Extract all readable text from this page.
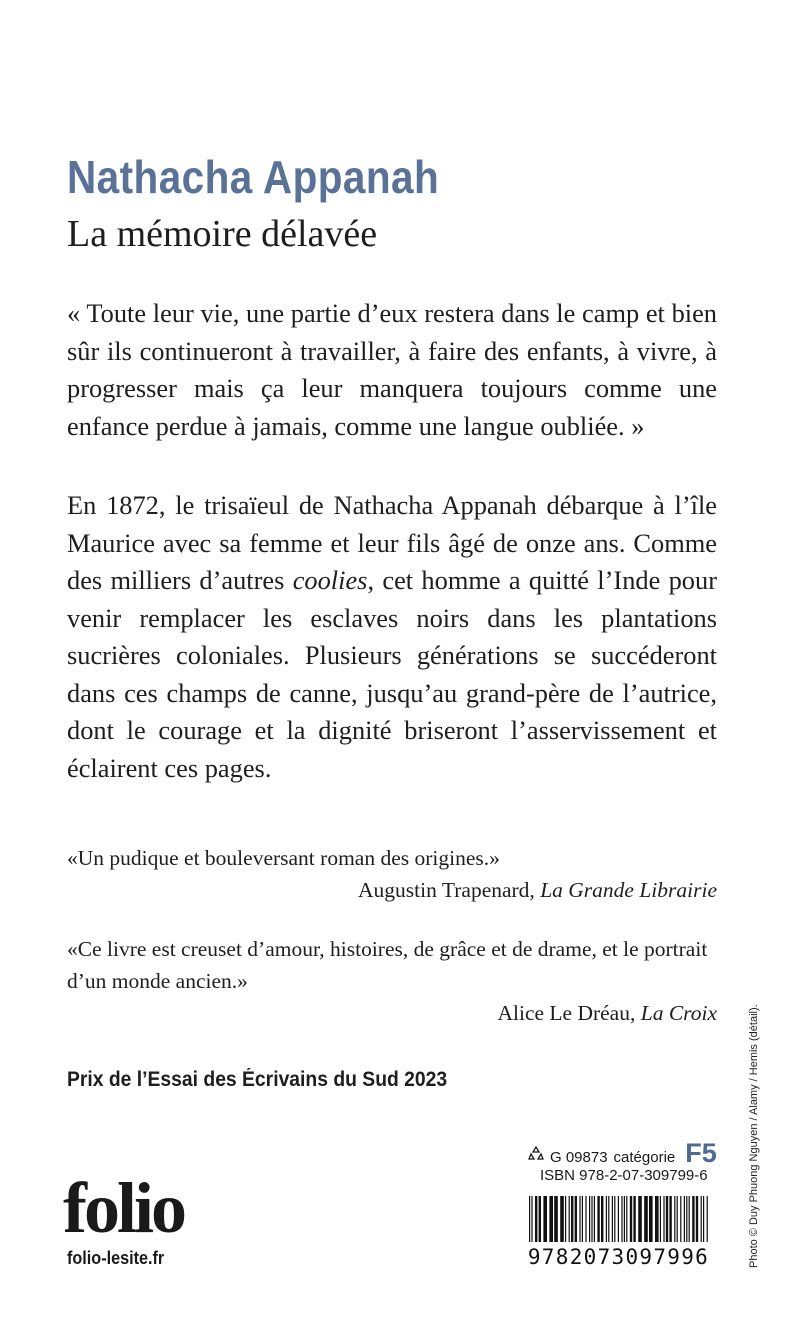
Nathacha Appanah
La mémoire délavée
« Toute leur vie, une partie d’eux restera dans le camp et bien sûr ils continueront à travailler, à faire des enfants, à vivre, à progresser mais ça leur manquera toujours comme une enfance perdue à jamais, comme une langue oubliée. »
En 1872, le trisaïeul de Nathacha Appanah débarque à l’île Maurice avec sa femme et leur fils âgé de onze ans. Comme des milliers d’autres coolies, cet homme a quitté l’Inde pour venir remplacer les esclaves noirs dans les plantations sucrières coloniales. Plusieurs générations se succéderont dans ces champs de canne, jusqu’au grand-père de l’autrice, dont le courage et la dignité briseront l’asservissement et éclairent ces pages.
«Un pudique et bouleversant roman des origines.»
Augustin Trapenard, La Grande Librairie
«Ce livre est creuset d’amour, histoires, de grâce et de drame, et le portrait d’un monde ancien.»
Alice Le Dréau, La Croix
Prix de l’Essai des Écrivains du Sud 2023
folio
folio-lesite.fr
G 09873 catégorie F5
ISBN 978-2-07-309799-6
9782073097996	Photo © Duy Phuong Nguyen / Alamy / Hemis (détail).
